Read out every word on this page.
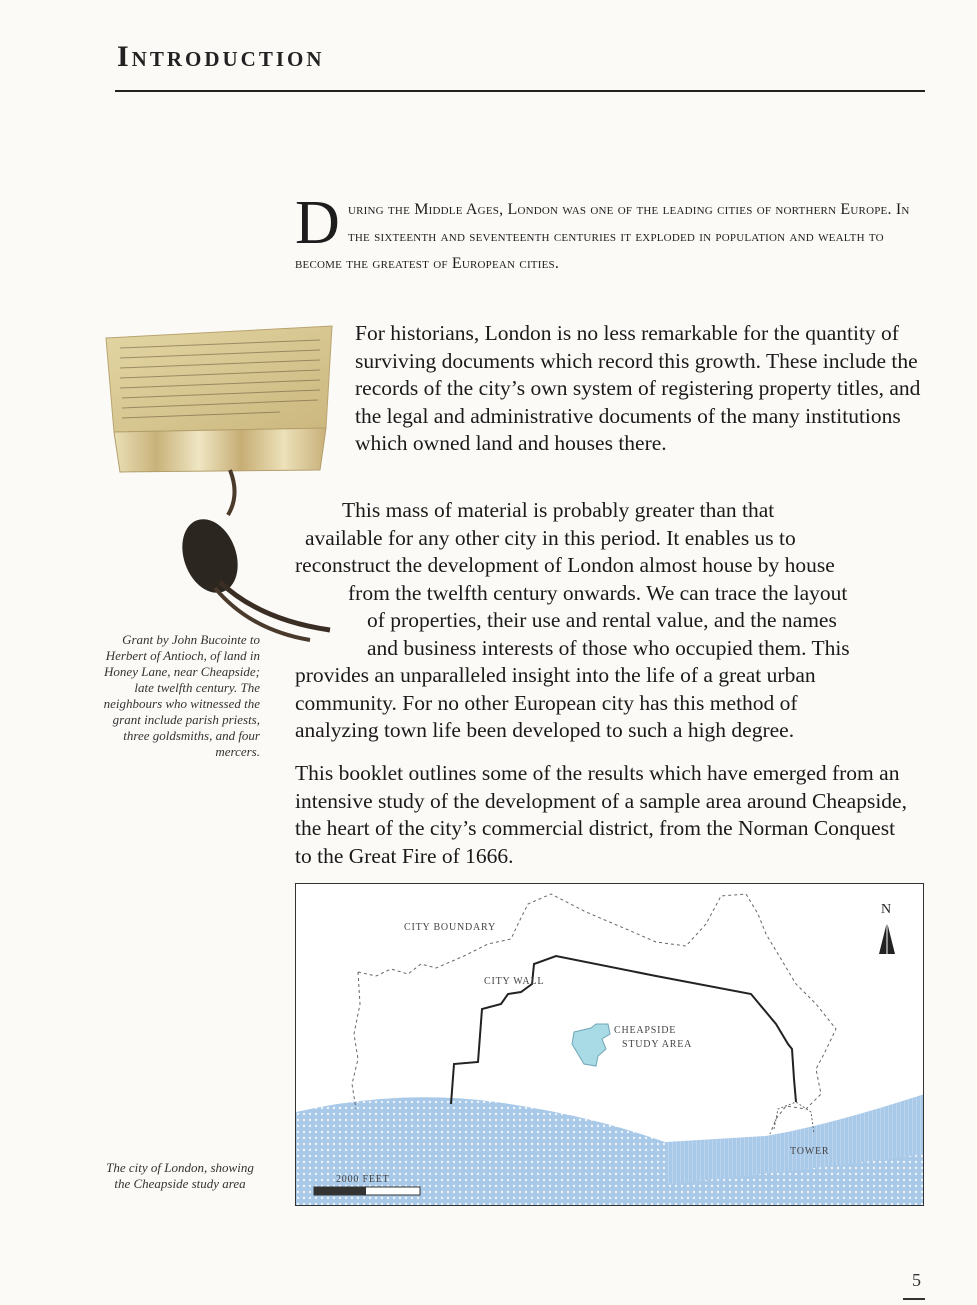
Introduction
D uring the Middle Ages, London was one of the leading cities of northern Europe. In the sixteenth and seventeenth centuries it exploded in population and wealth to become the greatest of European cities.
Grant by John Bucointe to Herbert of Antioch, of land in Honey Lane, near Cheapside; late twelfth century. The neighbours who witnessed the grant include parish priests, three goldsmiths, and four mercers.
For historians, London is no less remarkable for the quantity of surviving documents which record this growth. These include the records of the city’s own system of registering property titles, and the legal and administrative documents of the many institutions which owned land and houses there.
This mass of material is probably greater than that
available for any other city in this period. It enables us to
reconstruct the development of London almost house by house
from the twelfth century onwards. We can trace the layout
of properties, their use and rental value, and the names
and business interests of those who occupied them. This
provides an unparalleled insight into the life of a great urban
community. For no other European city has this method of
analyzing town life been developed to such a high degree.
This booklet outlines some of the results which have emerged from an intensive study of the development of a sample area around Cheapside, the heart of the city’s commercial district, from the Norman Conquest to the Great Fire of 1666.
CITY BOUNDARY
CITY WALL
CHEAPSIDE
STUDY AREA
TOWER
N
2000 FEET
The city of London, showing the Cheapside study area
5
